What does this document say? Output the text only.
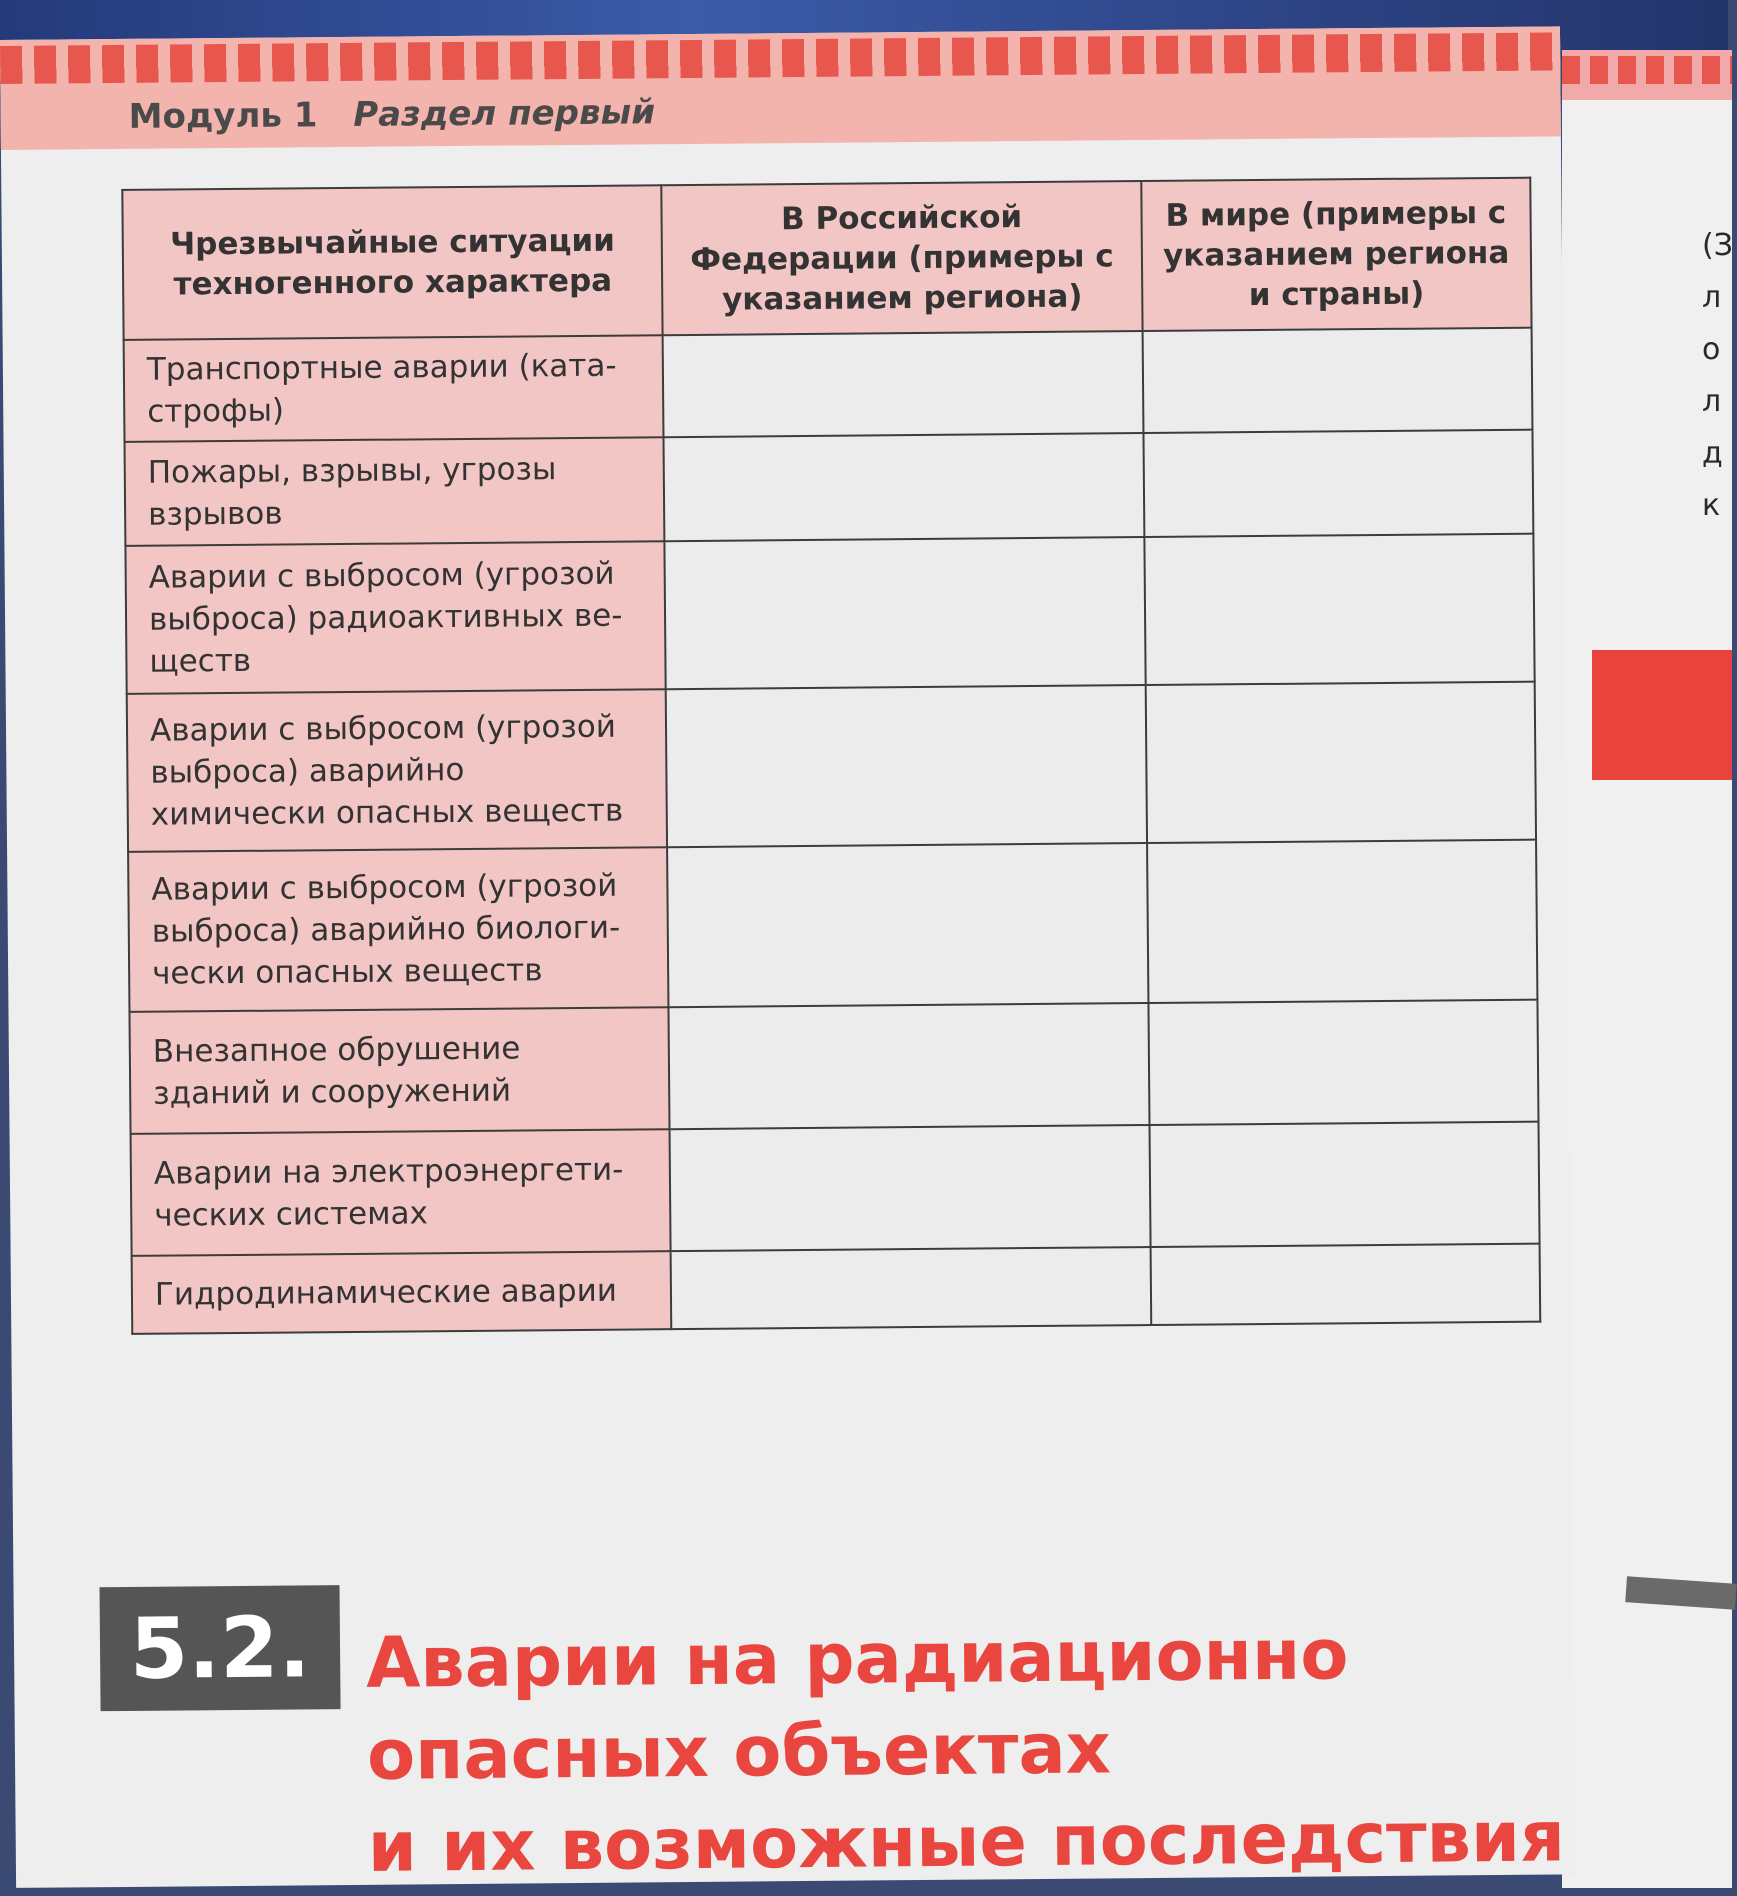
(З
л
о
л
д
к
Модуль 1 Раздел первый
Чрезвычайные ситуации техногенного характера	В Российской Федерации (примеры с указанием региона)	В мире (примеры с указанием региона и страны)
Транспортные аварии (ката-строфы)		
Пожары, взрывы, угрозы взрывов		
Аварии с выбросом (угрозой выброса) радиоактивных ве-ществ		
Аварии с выбросом (угрозой выброса) аварийно химически опасных веществ		
Аварии с выбросом (угрозой выброса) аварийно биологи-чески опасных веществ		
Внезапное обрушение зданий и сооружений		
Аварии на электроэнергети-ческих системах		
Гидродинамические аварии		
5.2. Аварии на радиационно
опасных объектах
и их возможные последствия
